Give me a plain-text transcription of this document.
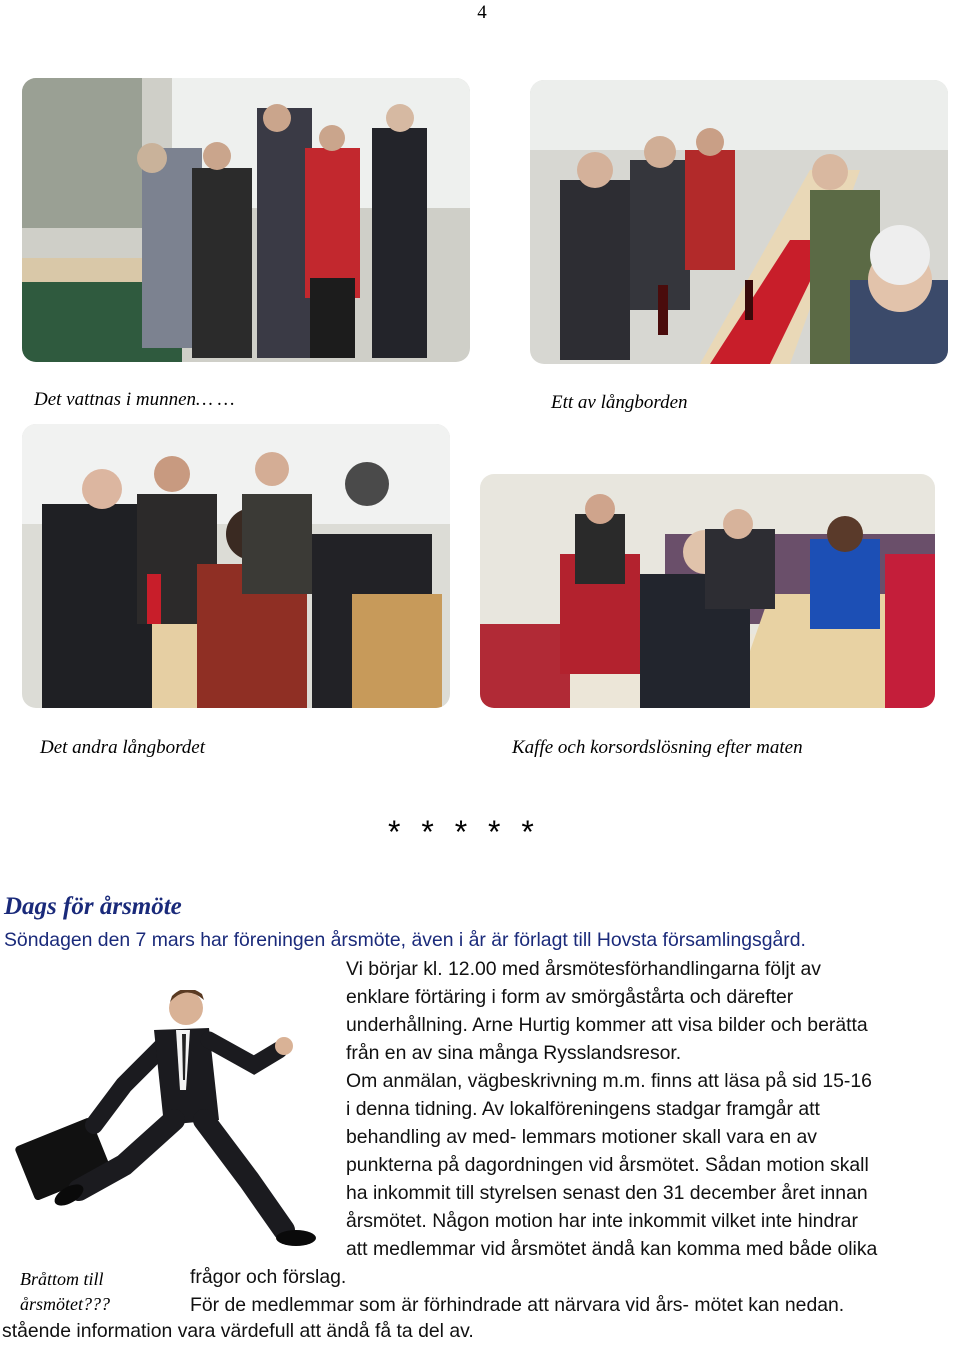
4
Det vattnas i munnen… …	Ett av långborden
Det andra långbordet	Kaffe och korsordslösning efter maten
* * * * *
Dags för årsmöte
Söndagen den 7 mars har föreningen årsmöte, även i år är förlagt till Hovsta församlingsgård.
Vi börjar kl. 12.00 med årsmötesförhandlingarna följt av
enklare förtäring i form av smörgåstårta och därefter
underhållning. Arne Hurtig kommer att visa bilder och berätta
från en av sina många Rysslandsresor.
Om anmälan, vägbeskrivning m.m. finns att läsa på sid 15-16
i denna tidning. Av lokalföreningens stadgar framgår att
behandling av med- lemmars motioner skall vara en av
punkterna på dagordningen vid årsmötet. Sådan motion skall
ha inkommit till styrelsen senast den 31 december året innan
årsmötet. Någon motion har inte inkommit vilket inte hindrar
att medlemmar vid årsmötet ändå kan komma med både olika
frågor och förslag.
För de medlemmar som är förhindrade att närvara vid års- mötet kan nedan.
stående information vara värdefull att ändå få ta del av.
Bråttom till
årsmötet???
